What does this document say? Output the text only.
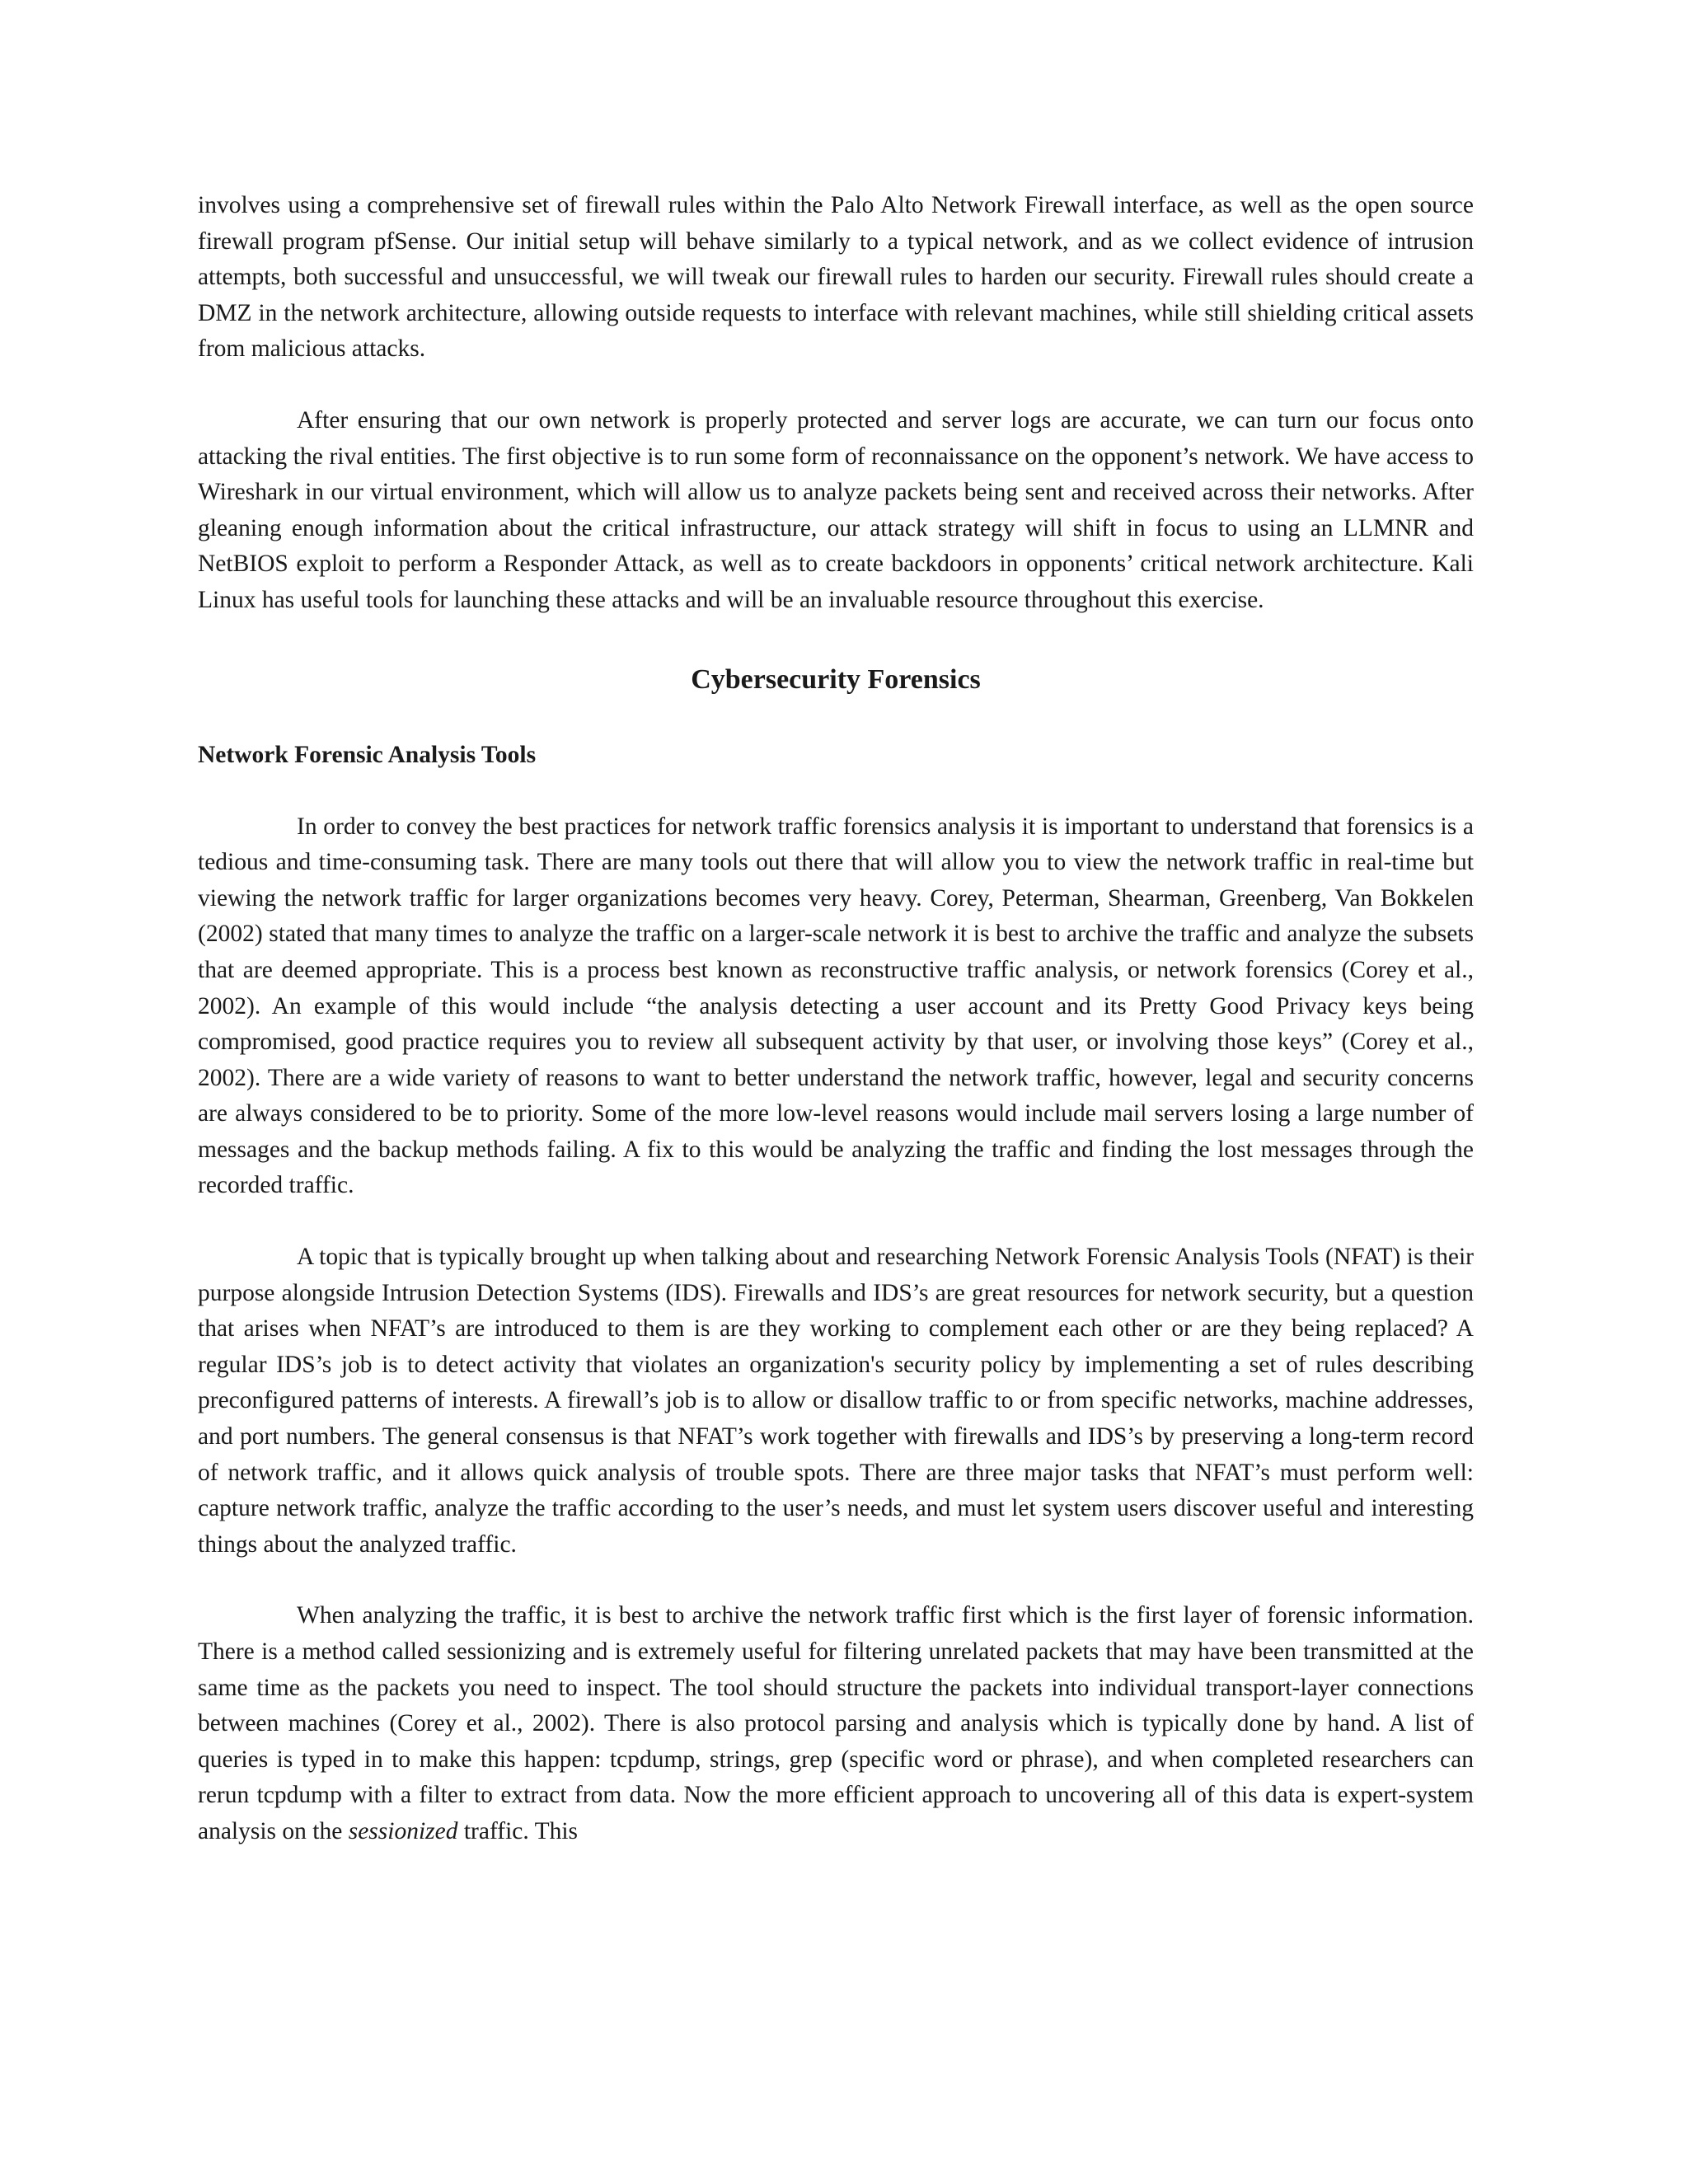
involves using a comprehensive set of firewall rules within the Palo Alto Network Firewall interface, as well as the open source firewall program pfSense. Our initial setup will behave similarly to a typical network, and as we collect evidence of intrusion attempts, both successful and unsuccessful, we will tweak our firewall rules to harden our security. Firewall rules should create a DMZ in the network architecture, allowing outside requests to interface with relevant machines, while still shielding critical assets from malicious attacks.

After ensuring that our own network is properly protected and server logs are accurate, we can turn our focus onto attacking the rival entities. The first objective is to run some form of reconnaissance on the opponent’s network. We have access to Wireshark in our virtual environment, which will allow us to analyze packets being sent and received across their networks. After gleaning enough information about the critical infrastructure, our attack strategy will shift in focus to using an LLMNR and NetBIOS exploit to perform a Responder Attack, as well as to create backdoors in opponents’ critical network architecture. Kali Linux has useful tools for launching these attacks and will be an invaluable resource throughout this exercise.

Cybersecurity Forensics
Network Forensic Analysis Tools

In order to convey the best practices for network traffic forensics analysis it is important to understand that forensics is a tedious and time-consuming task. There are many tools out there that will allow you to view the network traffic in real-time but viewing the network traffic for larger organizations becomes very heavy. Corey, Peterman, Shearman, Greenberg, Van Bokkelen (2002) stated that many times to analyze the traffic on a larger-scale network it is best to archive the traffic and analyze the subsets that are deemed appropriate. This is a process best known as reconstructive traffic analysis, or network forensics (Corey et al., 2002). An example of this would include “the analysis detecting a user account and its Pretty Good Privacy keys being compromised, good practice requires you to review all subsequent activity by that user, or involving those keys” (Corey et al., 2002). There are a wide variety of reasons to want to better understand the network traffic, however, legal and security concerns are always considered to be to priority. Some of the more low-level reasons would include mail servers losing a large number of messages and the backup methods failing. A fix to this would be analyzing the traffic and finding the lost messages through the recorded traffic.

A topic that is typically brought up when talking about and researching Network Forensic Analysis Tools (NFAT) is their purpose alongside Intrusion Detection Systems (IDS). Firewalls and IDS’s are great resources for network security, but a question that arises when NFAT’s are introduced to them is are they working to complement each other or are they being replaced? A regular IDS’s job is to detect activity that violates an organization's security policy by implementing a set of rules describing preconfigured patterns of interests. A firewall’s job is to allow or disallow traffic to or from specific networks, machine addresses, and port numbers. The general consensus is that NFAT’s work together with firewalls and IDS’s by preserving a long-term record of network traffic, and it allows quick analysis of trouble spots. There are three major tasks that NFAT’s must perform well: capture network traffic, analyze the traffic according to the user’s needs, and must let system users discover useful and interesting things about the analyzed traffic.

When analyzing the traffic, it is best to archive the network traffic first which is the first layer of forensic information. There is a method called sessionizing and is extremely useful for filtering unrelated packets that may have been transmitted at the same time as the packets you need to inspect. The tool should structure the packets into individual transport-layer connections between machines (Corey et al., 2002). There is also protocol parsing and analysis which is typically done by hand. A list of queries is typed in to make this happen: tcpdump, strings, grep (specific word or phrase), and when completed researchers can rerun tcpdump with a filter to extract from data. Now the more efficient approach to uncovering all of this data is expert-system analysis on the sessionized traffic. This
